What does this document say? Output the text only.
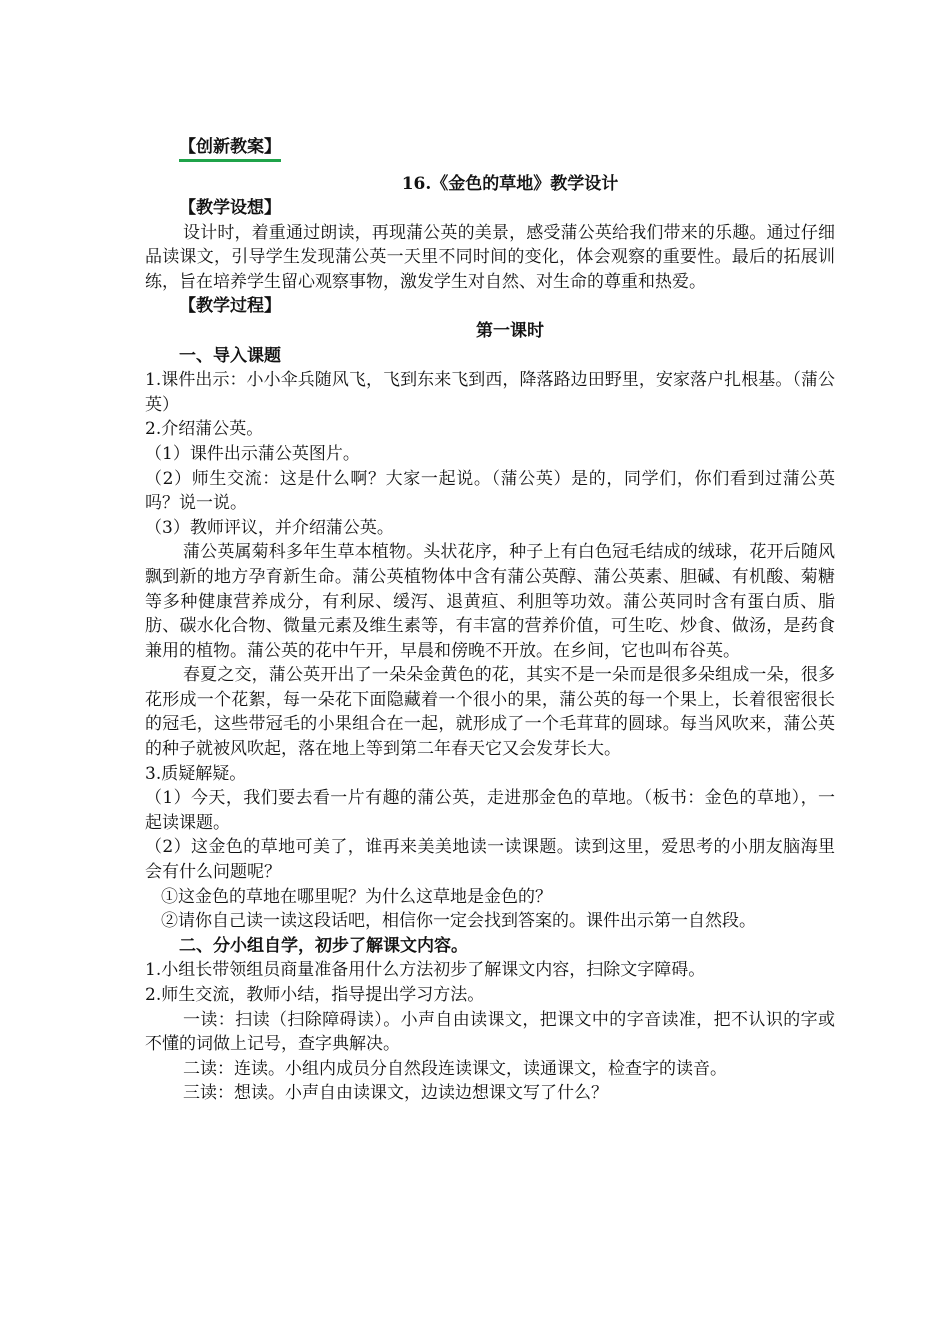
【创新教案】
16.《金色的草地》教学设计
【教学设想】

设计时，着重通过朗读，再现蒲公英的美景，感受蒲公英给我们带来的乐趣。通过仔细品读课文，引导学生发现蒲公英一天里不同时间的变化，体会观察的重要性。最后的拓展训练，旨在培养学生留心观察事物，激发学生对自然、对生命的尊重和热爱。

【教学过程】
第一课时
一、导入课题

1.课件出示：小小伞兵随风飞，飞到东来飞到西，降落路边田野里，安家落户扎根基。（蒲公英）

2.介绍蒲公英。

（1）课件出示蒲公英图片。

（2）师生交流：这是什么啊？大家一起说。（蒲公英）是的，同学们，你们看到过蒲公英吗？说一说。

（3）教师评议，并介绍蒲公英。

蒲公英属菊科多年生草本植物。头状花序，种子上有白色冠毛结成的绒球，花开后随风飘到新的地方孕育新生命。蒲公英植物体中含有蒲公英醇、蒲公英素、胆碱、有机酸、菊糖等多种健康营养成分，有利尿、缓泻、退黄疸、利胆等功效。蒲公英同时含有蛋白质、脂肪、碳水化合物、微量元素及维生素等，有丰富的营养价值，可生吃、炒食、做汤，是药食兼用的植物。蒲公英的花中午开，早晨和傍晚不开放。在乡间，它也叫布谷英。

春夏之交，蒲公英开出了一朵朵金黄色的花，其实不是一朵而是很多朵组成一朵，很多花形成一个花絮，每一朵花下面隐藏着一个很小的果，蒲公英的每一个果上，长着很密很长的冠毛，这些带冠毛的小果组合在一起，就形成了一个毛茸茸的圆球。每当风吹来，蒲公英的种子就被风吹起，落在地上等到第二年春天它又会发芽长大。

3.质疑解疑。

（1）今天，我们要去看一片有趣的蒲公英，走进那金色的草地。（板书：金色的草地），一起读课题。

（2）这金色的草地可美了，谁再来美美地读一读课题。读到这里，爱思考的小朋友脑海里会有什么问题呢？

①这金色的草地在哪里呢？为什么这草地是金色的？

②请你自己读一读这段话吧，相信你一定会找到答案的。课件出示第一自然段。

二、分小组自学，初步了解课文内容。

1.小组长带领组员商量准备用什么方法初步了解课文内容，扫除文字障碍。

2.师生交流，教师小结，指导提出学习方法。

一读：扫读（扫除障碍读）。小声自由读课文，把课文中的字音读准，把不认识的字或不懂的词做上记号，查字典解决。

二读：连读。小组内成员分自然段连读课文，读通课文，检查字的读音。

三读：想读。小声自由读课文，边读边想课文写了什么？
